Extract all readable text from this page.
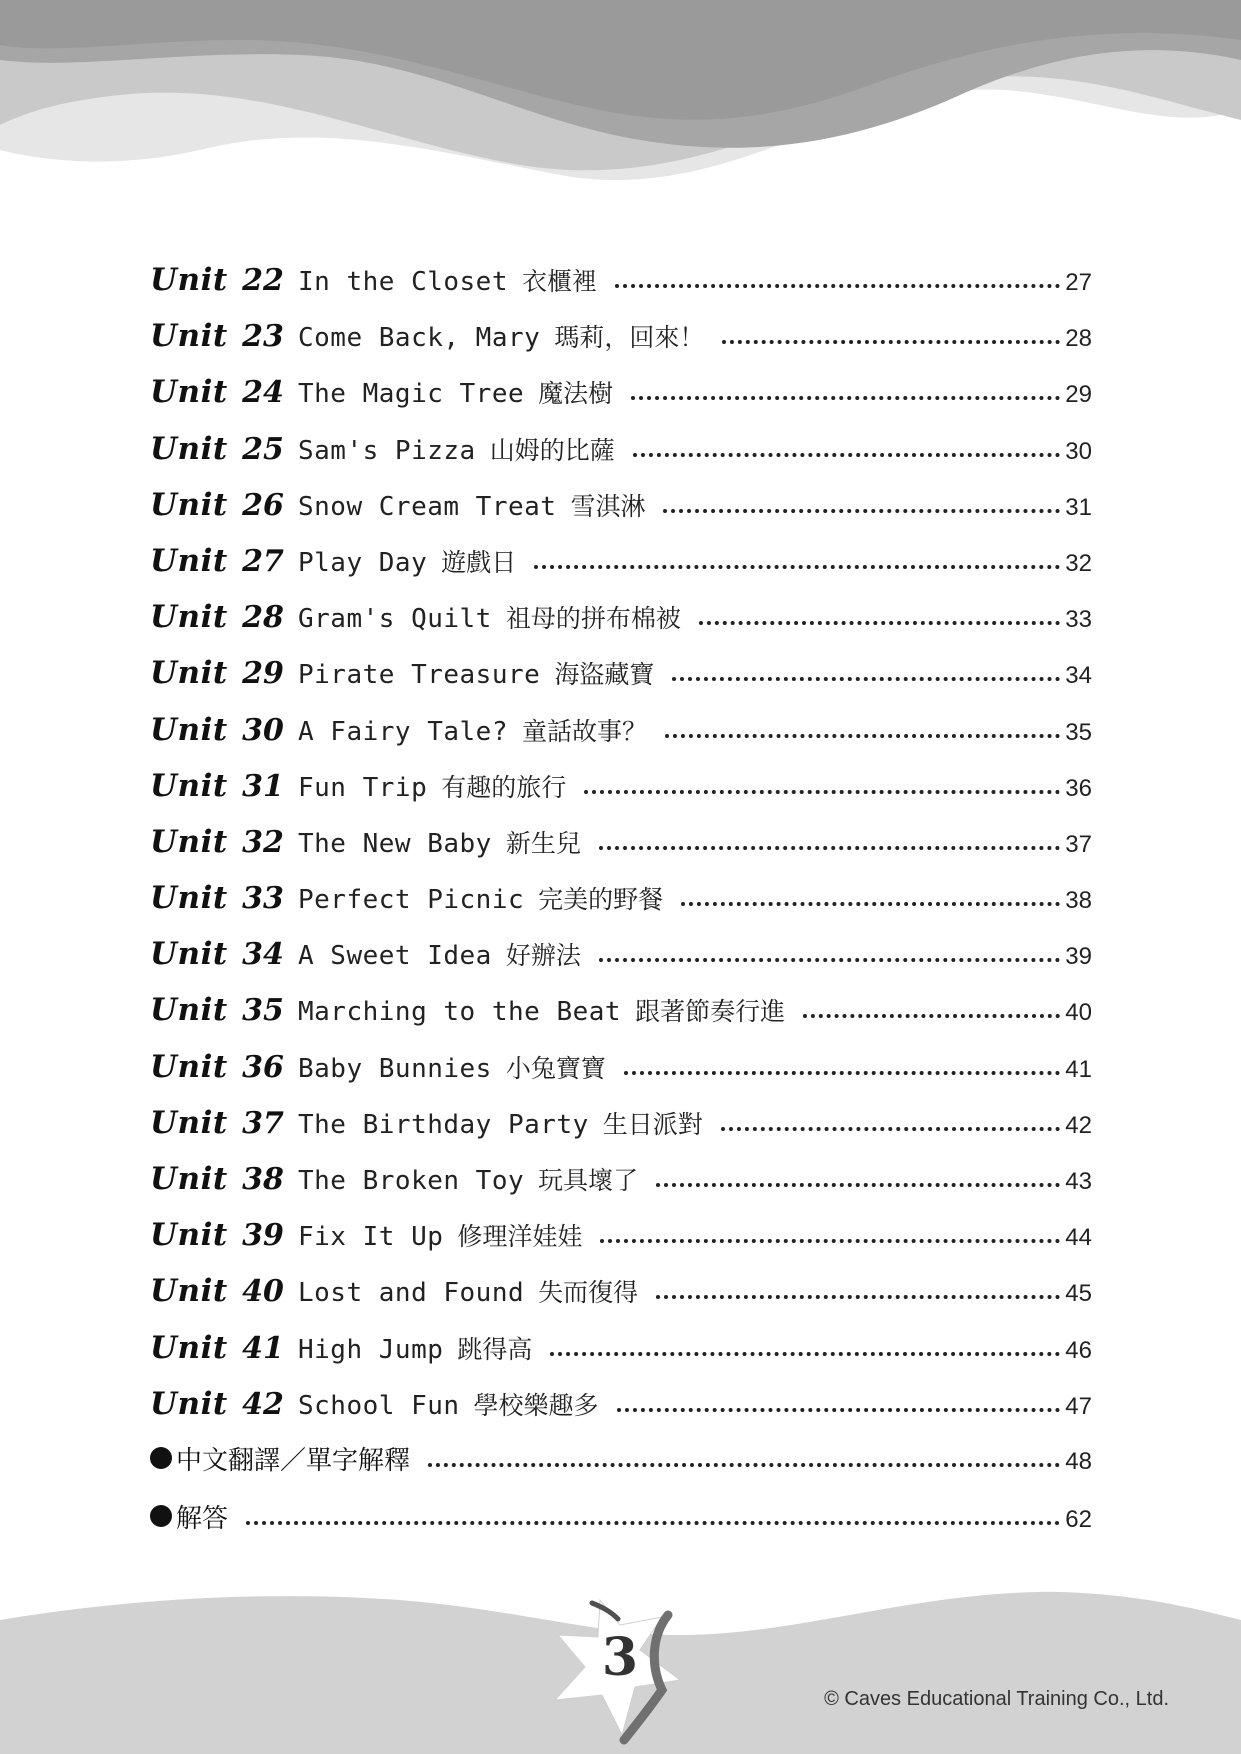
Unit 22 In the Closet 衣櫃裡	27
Unit 23 Come Back, Mary 瑪莉，回來！	28
Unit 24 The Magic Tree 魔法樹	29
Unit 25 Sam's Pizza 山姆的比薩	30
Unit 26 Snow Cream Treat 雪淇淋	31
Unit 27 Play Day 遊戲日	32
Unit 28 Gram's Quilt 祖母的拼布棉被	33
Unit 29 Pirate Treasure 海盜藏寶	34
Unit 30 A Fairy Tale? 童話故事？	35
Unit 31 Fun Trip 有趣的旅行	36
Unit 32 The New Baby 新生兒	37
Unit 33 Perfect Picnic 完美的野餐	38
Unit 34 A Sweet Idea 好辦法	39
Unit 35 Marching to the Beat 跟著節奏行進	40
Unit 36 Baby Bunnies 小兔寶寶	41
Unit 37 The Birthday Party 生日派對	42
Unit 38 The Broken Toy 玩具壞了	43
Unit 39 Fix It Up 修理洋娃娃	44
Unit 40 Lost and Found 失而復得	45
Unit 41 High Jump 跳得高	46
Unit 42 School Fun 學校樂趣多	47
中文翻譯／單字解釋	48
解答	62
3
© Caves Educational Training Co., Ltd.
